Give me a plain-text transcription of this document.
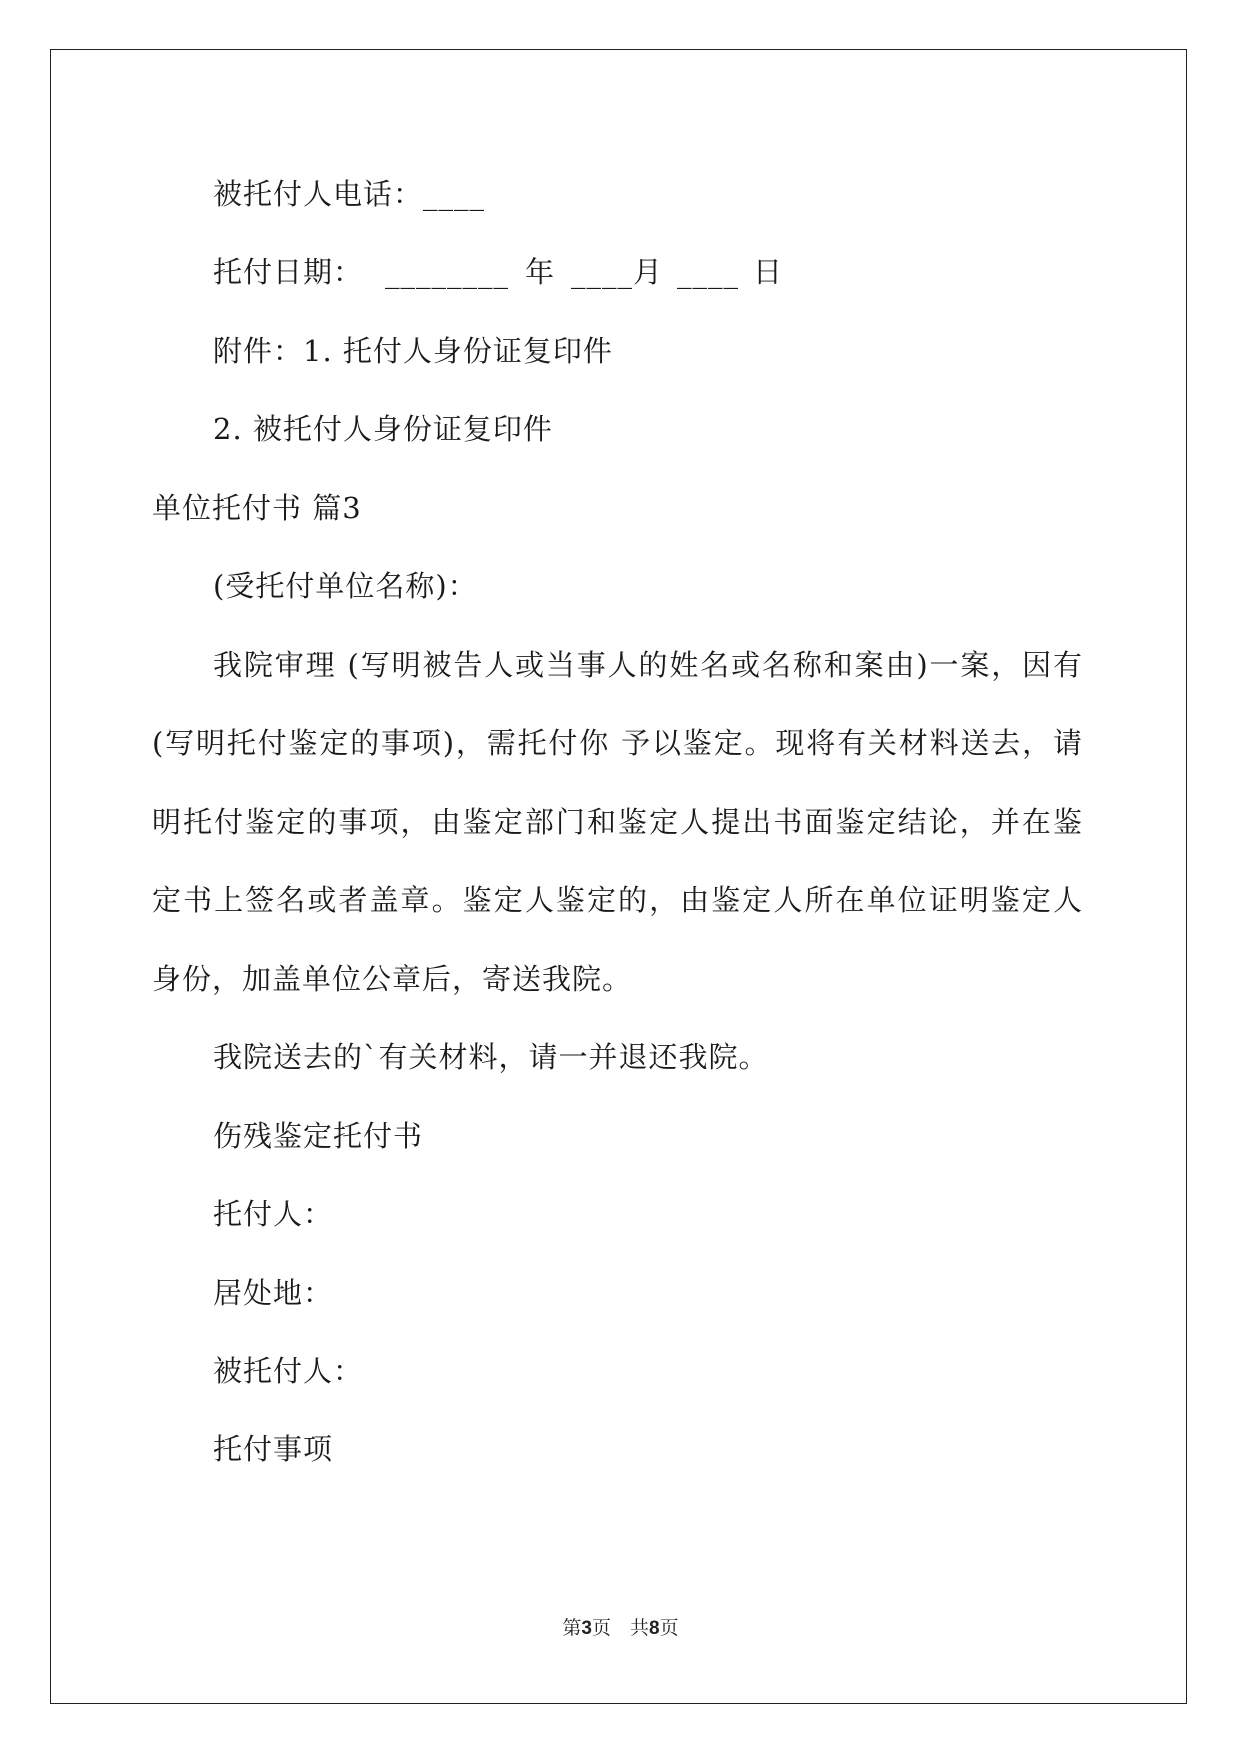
被托付人电话：____
托付日期： ________ 年 ____月 ____ 日
附件：1. 托付人身份证复印件
2. 被托付人身份证复印件
单位托付书 篇3
(受托付单位名称)：
我院审理 (写明被告人或当事人的姓名或名称和案由)一案，因有
(写明托付鉴定的事项)，需托付你 予以鉴定。现将有关材料送去，请
明托付鉴定的事项，由鉴定部门和鉴定人提出书面鉴定结论，并在鉴
定书上签名或者盖章。鉴定人鉴定的，由鉴定人所在单位证明鉴定人
身份，加盖单位公章后，寄送我院。
我院送去的`有关材料，请一并退还我院。
伤残鉴定托付书
托付人：
居处地：
被托付人：
托付事项
第3页　共8页
